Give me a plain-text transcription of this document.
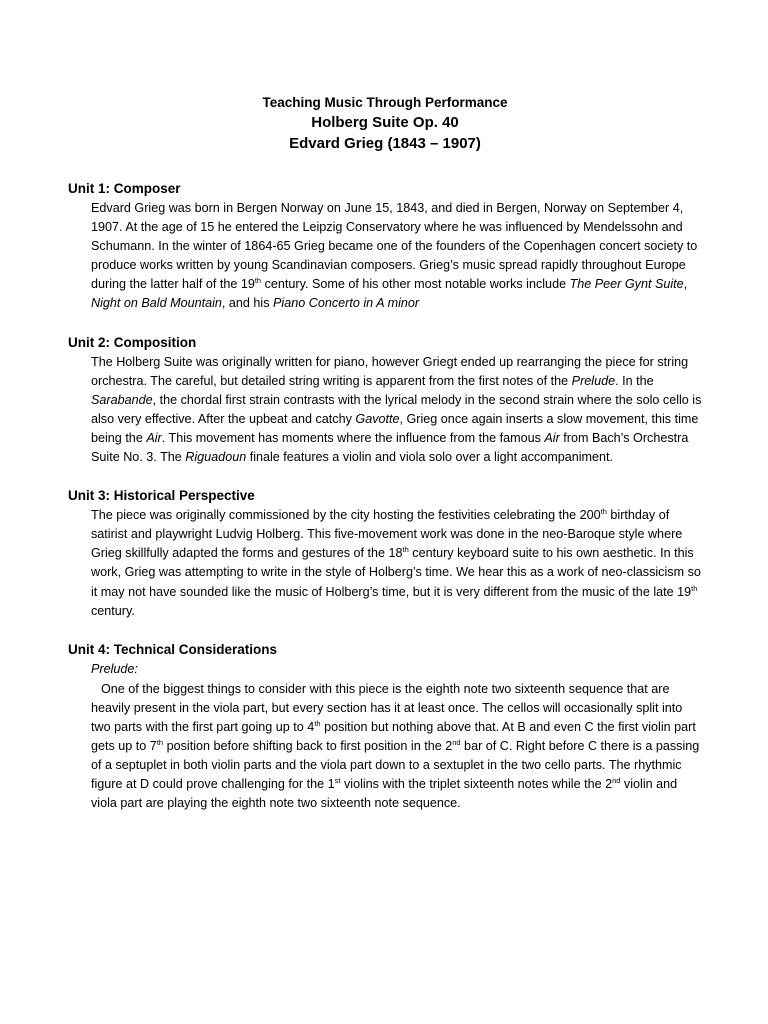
Teaching Music Through Performance

Holberg Suite Op. 40

Edvard Grieg (1843 – 1907)

Unit 1: Composer

Edvard Grieg was born in Bergen Norway on June 15, 1843, and died in Bergen, Norway on September 4, 1907. At the age of 15 he entered the Leipzig Conservatory where he was influenced by Mendelssohn and Schumann. In the winter of 1864-65 Grieg became one of the founders of the Copenhagen concert society to produce works written by young Scandinavian composers. Grieg’s music spread rapidly throughout Europe during the latter half of the 19th century. Some of his other most notable works include The Peer Gynt Suite, Night on Bald Mountain, and his Piano Concerto in A minor

Unit 2: Composition

The Holberg Suite was originally written for piano, however Griegt ended up rearranging the piece for string orchestra. The careful, but detailed string writing is apparent from the first notes of the Prelude. In the Sarabande, the chordal first strain contrasts with the lyrical melody in the second strain where the solo cello is also very effective. After the upbeat and catchy Gavotte, Grieg once again inserts a slow movement, this time being the Air. This movement has moments where the influence from the famous Air from Bach’s Orchestra Suite No. 3. The Riguadoun finale features a violin and viola solo over a light accompaniment.

Unit 3: Historical Perspective

The piece was originally commissioned by the city hosting the festivities celebrating the 200th birthday of satirist and playwright Ludvig Holberg. This five-movement work was done in the neo-Baroque style where Grieg skillfully adapted the forms and gestures of the 18th century keyboard suite to his own aesthetic. In this work, Grieg was attempting to write in the style of Holberg’s time. We hear this as a work of neo-classicism so it may not have sounded like the music of Holberg’s time, but it is very different from the music of the late 19th century.

Unit 4: Technical Considerations
Prelude:

One of the biggest things to consider with this piece is the eighth note two sixteenth sequence that are heavily present in the viola part, but every section has it at least once. The cellos will occasionally split into two parts with the first part going up to 4th position but nothing above that. At B and even C the first violin part gets up to 7th position before shifting back to first position in the 2nd bar of C. Right before C there is a passing of a septuplet in both violin parts and the viola part down to a sextuplet in the two cello parts. The rhythmic figure at D could prove challenging for the 1st violins with the triplet sixteenth notes while the 2nd violin and viola part are playing the eighth note two sixteenth note sequence.
